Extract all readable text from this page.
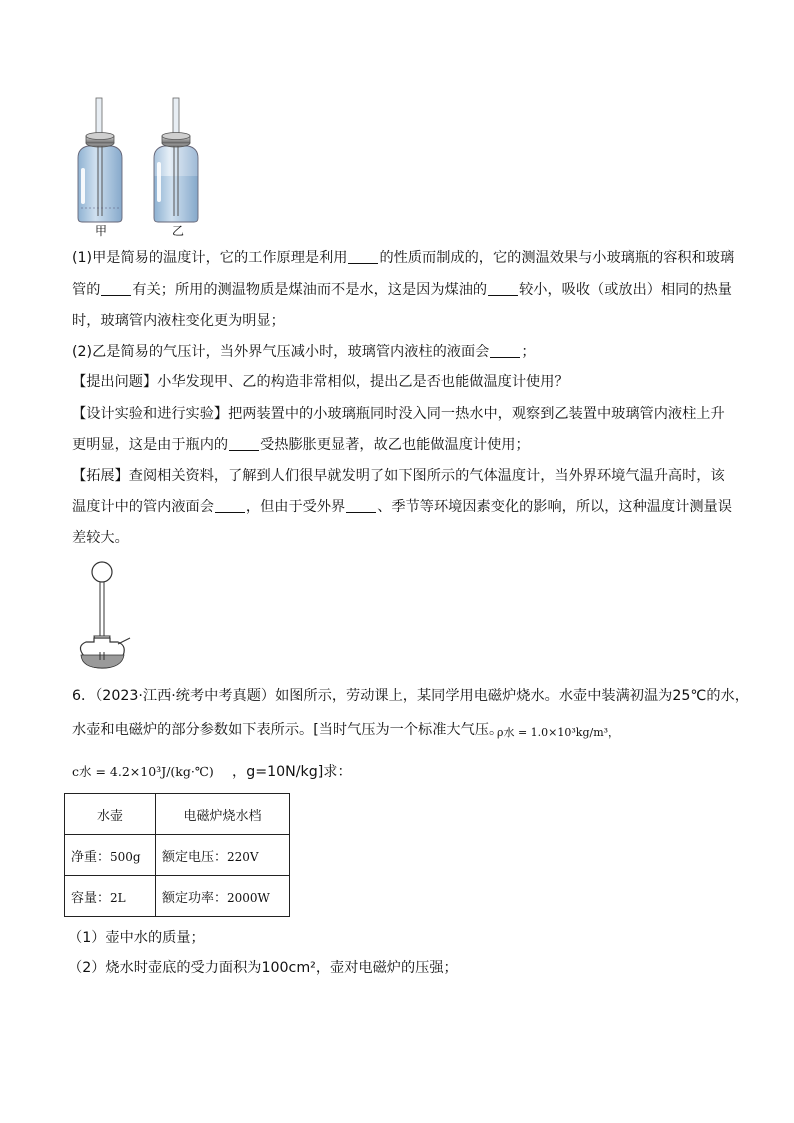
甲	乙
(1)甲是简易的温度计，它的工作原理是利用 的性质而制成的，它的测温效果与小玻璃瓶的容积和玻璃
管的 有关；所用的测温物质是煤油而不是水，这是因为煤油的 较小，吸收（或放出）相同的热量
时，玻璃管内液柱变化更为明显；
(2)乙是简易的气压计，当外界气压减小时，玻璃管内液柱的液面会 ；
【提出问题】小华发现甲、乙的构造非常相似，提出乙是否也能做温度计使用？
【设计实验和进行实验】把两装置中的小玻璃瓶同时没入同一热水中，观察到乙装置中玻璃管内液柱上升
更明显，这是由于瓶内的 受热膨胀更显著，故乙也能做温度计使用；
【拓展】查阅相关资料，了解到人们很早就发明了如下图所示的气体温度计，当外界环境气温升高时，该
温度计中的管内液面会 ，但由于受外界 、季节等环境因素变化的影响，所以，这种温度计测量误
差较大。
6．（2023·江西·统考中考真题）如图所示，劳动课上，某同学用电磁炉烧水。水壶中装满初温为25℃的水，
水壶和电磁炉的部分参数如下表所示。[当时气压为一个标准大气压。
ρ水 = 1.0×10³kg/m³，
c水 = 4.2×10³J/(kg·℃) ，g=10N/kg]求：
水壶	电磁炉烧水档
净重：500g	额定电压：220V
容量：2L	额定功率：2000W
（1）壶中水的质量；
（2）烧水时壶底的受力面积为100cm²，壶对电磁炉的压强；
